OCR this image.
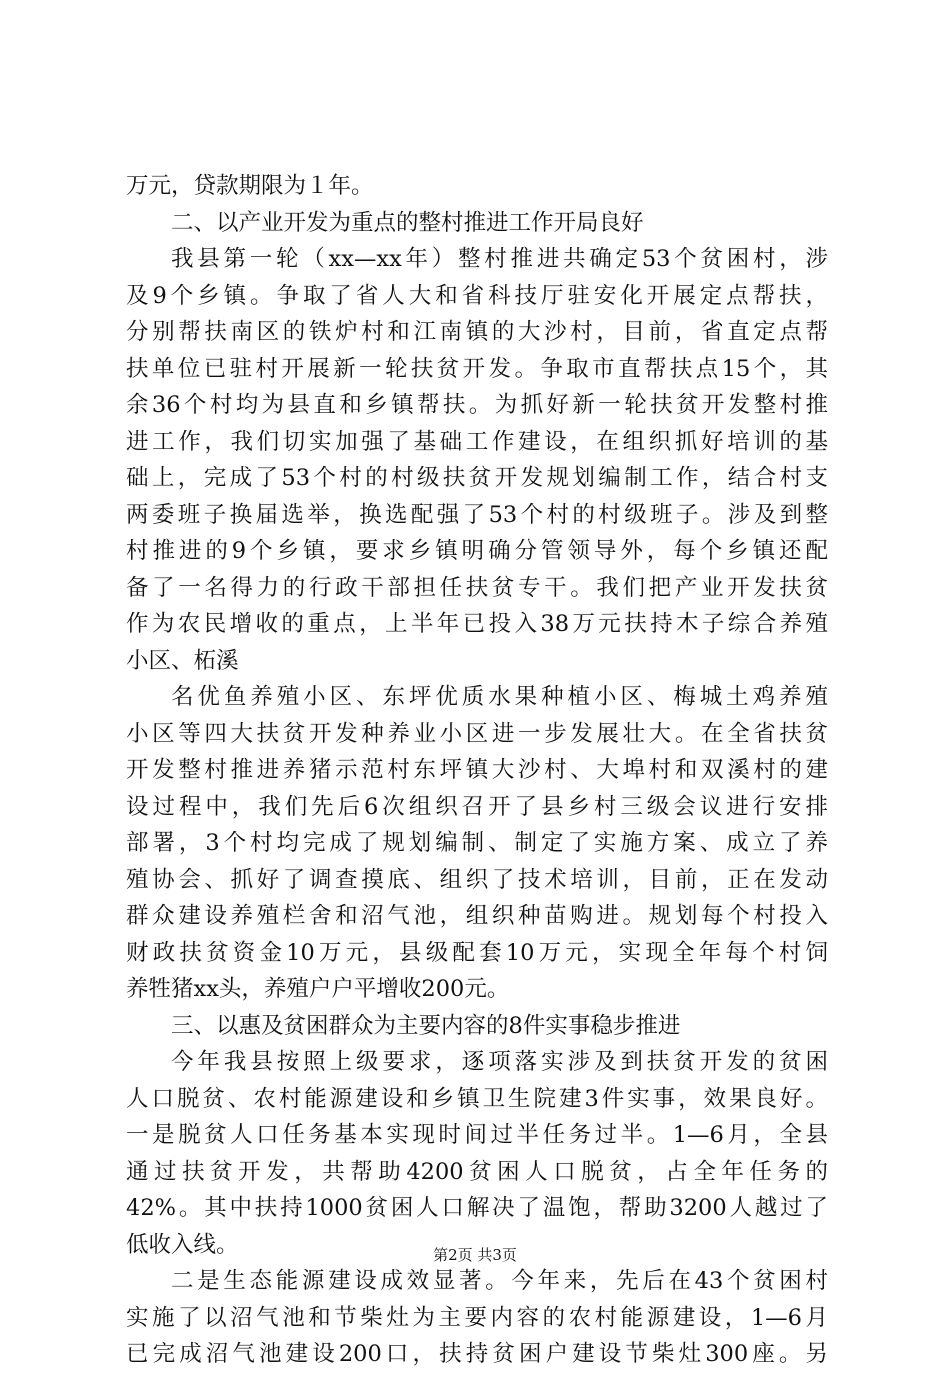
万元，贷款期限为１年。
二、以产业开发为重点的整村推进工作开局良好
我县第一轮（xx—xx年）整村推进共确定53个贫困村，涉
及9个乡镇。争取了省人大和省科技厅驻安化开展定点帮扶，
分别帮扶南区的铁炉村和江南镇的大沙村，目前，省直定点帮
扶单位已驻村开展新一轮扶贫开发。争取市直帮扶点15个，其
余36个村均为县直和乡镇帮扶。为抓好新一轮扶贫开发整村推
进工作，我们切实加强了基础工作建设，在组织抓好培训的基
础上，完成了53个村的村级扶贫开发规划编制工作，结合村支
两委班子换届选举，换选配强了53个村的村级班子。涉及到整
村推进的9个乡镇，要求乡镇明确分管领导外，每个乡镇还配
备了一名得力的行政干部担任扶贫专干。我们把产业开发扶贫
作为农民增收的重点，上半年已投入38万元扶持木子综合养殖
小区、柘溪
名优鱼养殖小区、东坪优质水果种植小区、梅城土鸡养殖
小区等四大扶贫开发种养业小区进一步发展壮大。在全省扶贫
开发整村推进养猪示范村东坪镇大沙村、大埠村和双溪村的建
设过程中，我们先后6次组织召开了县乡村三级会议进行安排
部署，3个村均完成了规划编制、制定了实施方案、成立了养
殖协会、抓好了调查摸底、组织了技术培训，目前，正在发动
群众建设养殖栏舍和沼气池，组织种苗购进。规划每个村投入
财政扶贫资金10万元，县级配套10万元，实现全年每个村饲
养牲猪xx头，养殖户户平增收200元。
三、以惠及贫困群众为主要内容的8件实事稳步推进
今年我县按照上级要求，逐项落实涉及到扶贫开发的贫困
人口脱贫、农村能源建设和乡镇卫生院建3件实事，效果良好。
一是脱贫人口任务基本实现时间过半任务过半。1—6月，全县
通过扶贫开发，共帮助4200贫困人口脱贫，占全年任务的
42%。其中扶持1000贫困人口解决了温饱，帮助3200人越过了
低收入线。
二是生态能源建设成效显著。今年来，先后在43个贫困村
实施了以沼气池和节柴灶为主要内容的农村能源建设，1—6月
已完成沼气池建设200口，扶持贫困户建设节柴灶300座。另
第2页 共3页
